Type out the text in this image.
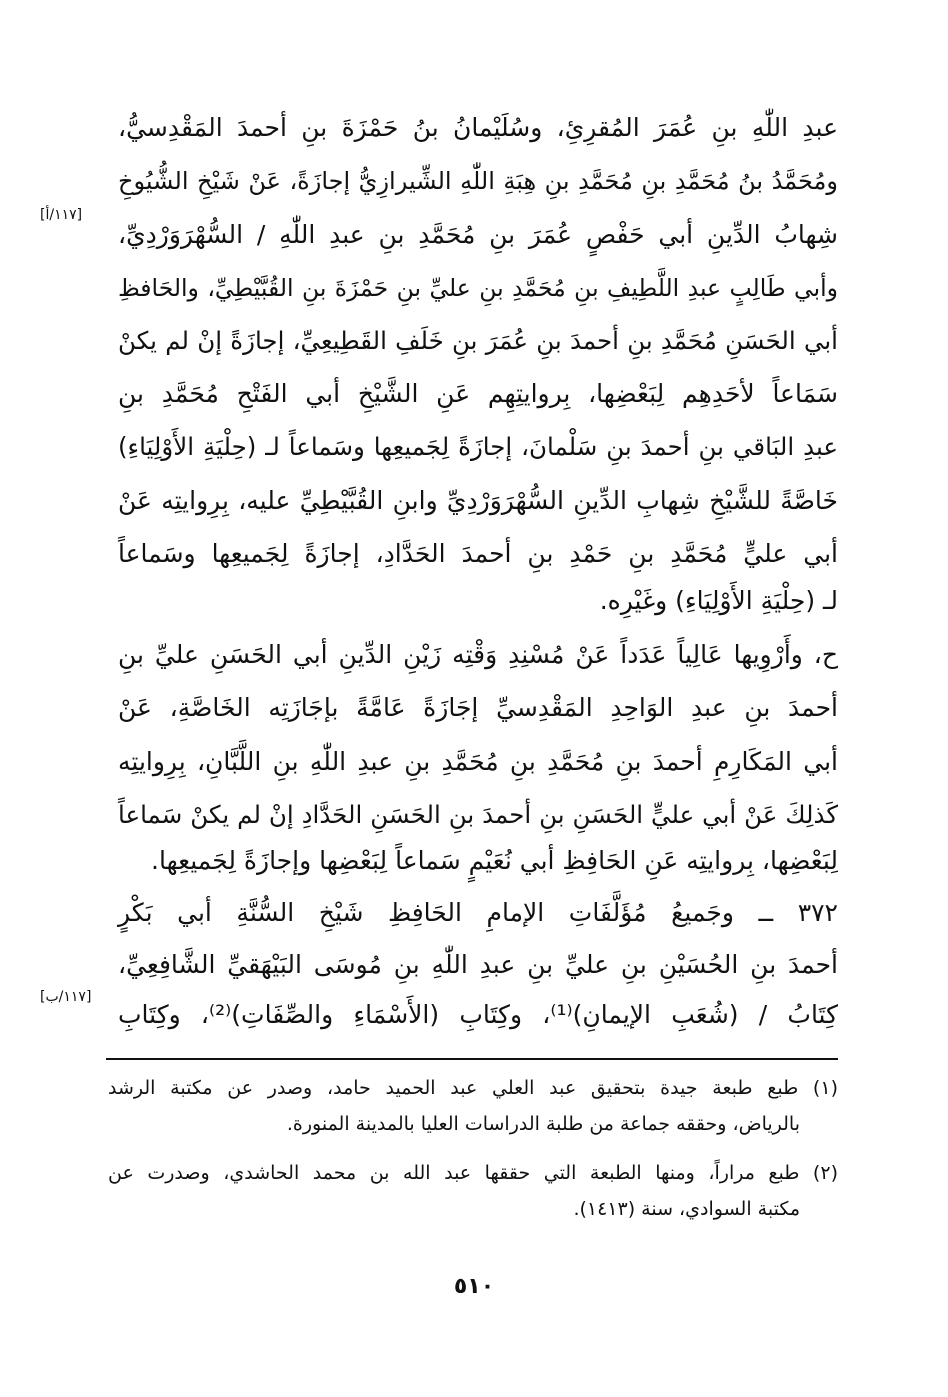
[١١٧/أ]
[١١٧/ب]
عبدِ اللّٰهِ بنِ عُمَرَ المُقرِئِ، وسُلَيْمانُ بنُ حَمْزَةَ بنِ أحمدَ المَقْدِسيُّ،
ومُحَمَّدُ بنُ مُحَمَّدِ بنِ مُحَمَّدِ بنِ هِبَةِ اللّٰهِ الشِّيرازِيُّ إجازَةً، عَنْ شَيْخِ الشُّيُوخِ
شِهابُ الدِّينِ أبي حَفْصٍ عُمَرَ بنِ مُحَمَّدِ بنِ عبدِ اللّٰهِ / السُّهْرَوَرْدِيِّ،
وأبي طَالِبٍ عبدِ اللَّطِيفِ بنِ مُحَمَّدِ بنِ عليِّ بنِ حَمْزَةَ بنِ القُبَّيْطِيِّ، والحَافظِ
أبي الحَسَنِ مُحَمَّدِ بنِ أحمدَ بنِ عُمَرَ بنِ خَلَفِ القَطِيعِيِّ، إجازَةً إنْ لم يكنْ
سَمَاعاً لأحَدِهِم لِبَعْضِها، بِروايتِهِم عَنِ الشَّيْخِ أبي الفَتْحِ مُحَمَّدِ بنِ
عبدِ البَاقي بنِ أحمدَ بنِ سَلْمانَ، إجازَةً لِجَميعِها وسَماعاً لـ (حِلْيَةِ الأَوْلِيَاءِ)
خَاصَّةً للشَّيْخِ شِهابِ الدِّينِ السُّهْرَوَرْدِيِّ وابنِ القُبَّيْطِيِّ عليه، بِرِوايتِه عَنْ
أبي عليٍّ مُحَمَّدِ بنِ حَمْدِ بنِ أحمدَ الحَدَّادِ، إجازَةً لِجَميعِها وسَماعاً
لـ (حِلْيَةِ الأَوْلِيَاءِ) وغَيْرِه.
ح، وأَرْوِيها عَالِياً عَدَداً عَنْ مُسْنِدِ وَقْتِه زَيْنِ الدِّينِ أبي الحَسَنِ عليِّ بنِ
أحمدَ بنِ عبدِ الوَاحِدِ المَقْدِسيِّ إجَازَةً عَامَّةً بإجَازَتِه الخَاصَّةِ، عَنْ
أبي المَكَارِمِ أحمدَ بنِ مُحَمَّدِ بنِ مُحَمَّدِ بنِ عبدِ اللّٰهِ بنِ اللَّبَّانِ، بِرِوايتِه
كَذلِكَ عَنْ أبي عليٍّ الحَسَنِ بنِ أحمدَ بنِ الحَسَنِ الحَدَّادِ إنْ لم يكنْ سَماعاً
لِبَعْضِها، بِروايتِه عَنِ الحَافِظِ أبي نُعَيْمٍ سَماعاً لِبَعْضِها وإجازَةً لِجَميعِها.
٣٧٢ ــ وجَميعُ مُؤَلَّفَاتِ الإمامِ الحَافِظِ شَيْخِ السُّنَّةِ أبي بَكْرٍ
أحمدَ بنِ الحُسَيْنِ بنِ عليِّ بنِ عبدِ اللّٰهِ بنِ مُوسَى البَيْهَقيِّ الشَّافِعِيِّ،
كِتَابُ / (شُعَبِ الإيمانِ)⁽¹⁾، وكِتَابِ (الأَسْمَاءِ والصِّفَاتِ)⁽²⁾، وكِتَابِ
(١) طبع طبعة جيدة بتحقيق عبد العلي عبد الحميد حامد، وصدر عن مكتبة الرشد
بالرياض، وحققه جماعة من طلبة الدراسات العليا بالمدينة المنورة.
(٢) طبع مراراً، ومنها الطبعة التي حققها عبد الله بن محمد الحاشدي، وصدرت عن
مكتبة السوادي، سنة (١٤١٣).
٥١٠
